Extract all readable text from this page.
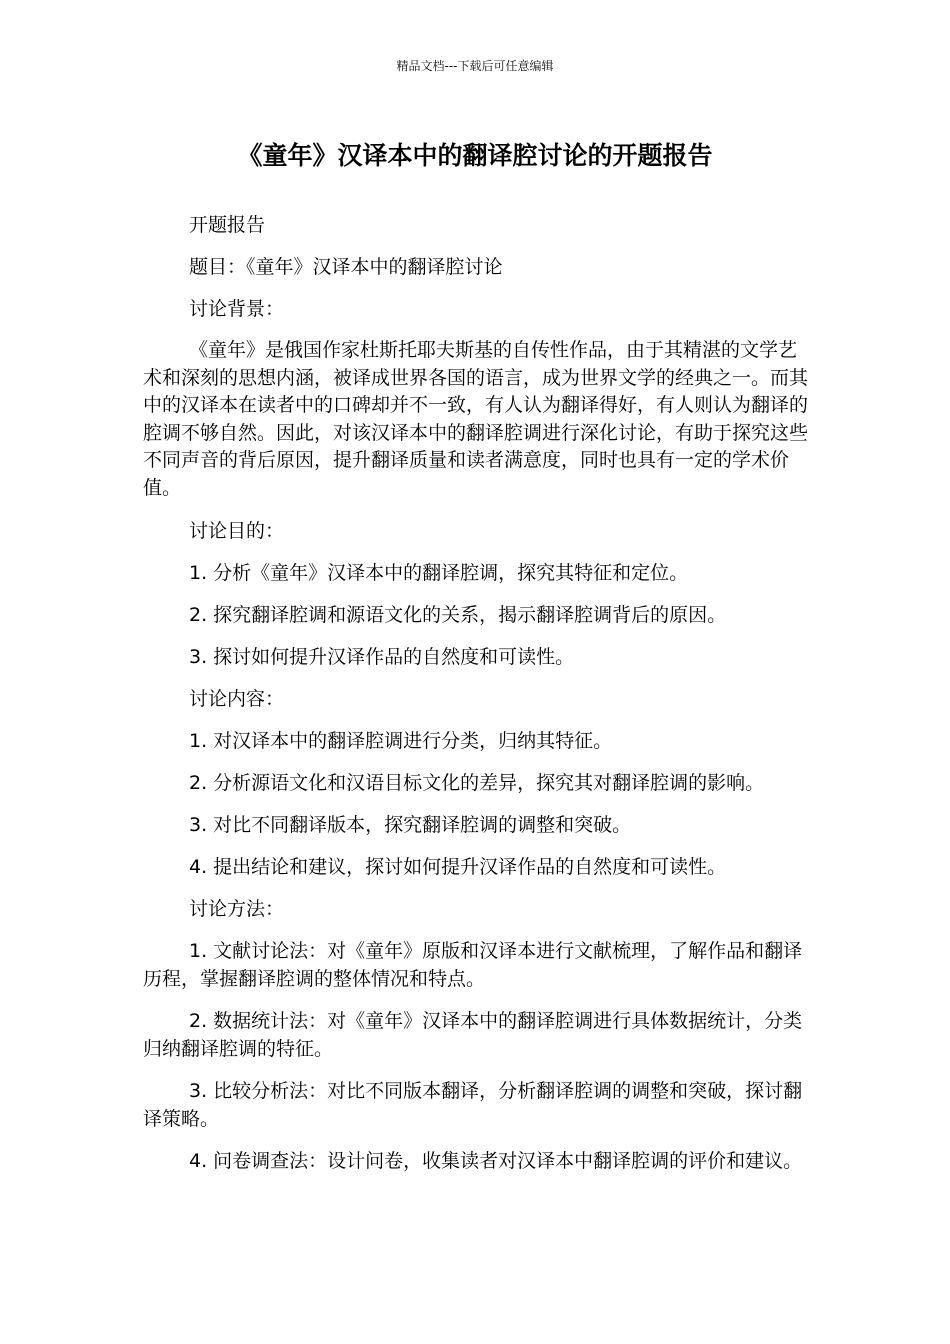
精品文档---下载后可任意编辑
《童年》汉译本中的翻译腔讨论的开题报告

开题报告

题目：《童年》汉译本中的翻译腔讨论

讨论背景：

《童年》是俄国作家杜斯托耶夫斯基的自传性作品，由于其精湛的文学艺术和深刻的思想内涵，被译成世界各国的语言，成为世界文学的经典之一。而其中的汉译本在读者中的口碑却并不一致，有人认为翻译得好，有人则认为翻译的腔调不够自然。因此，对该汉译本中的翻译腔调进行深化讨论，有助于探究这些不同声音的背后原因，提升翻译质量和读者满意度，同时也具有一定的学术价值。

讨论目的：

1. 分析《童年》汉译本中的翻译腔调，探究其特征和定位。

2. 探究翻译腔调和源语文化的关系，揭示翻译腔调背后的原因。

3. 探讨如何提升汉译作品的自然度和可读性。

讨论内容：

1. 对汉译本中的翻译腔调进行分类，归纳其特征。

2. 分析源语文化和汉语目标文化的差异，探究其对翻译腔调的影响。

3. 对比不同翻译版本，探究翻译腔调的调整和突破。

4. 提出结论和建议，探讨如何提升汉译作品的自然度和可读性。

讨论方法：

1. 文献讨论法：对《童年》原版和汉译本进行文献梳理，了解作品和翻译历程，掌握翻译腔调的整体情况和特点。

2. 数据统计法：对《童年》汉译本中的翻译腔调进行具体数据统计，分类归纳翻译腔调的特征。

3. 比较分析法：对比不同版本翻译，分析翻译腔调的调整和突破，探讨翻译策略。

4. 问卷调查法：设计问卷，收集读者对汉译本中翻译腔调的评价和建议。
